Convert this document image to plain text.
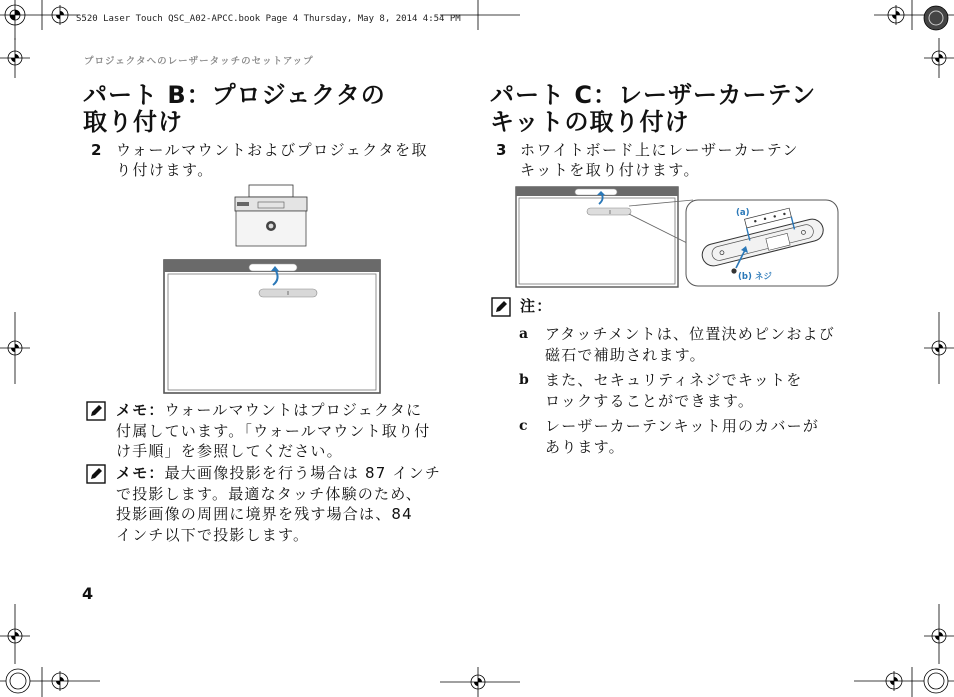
S520 Laser Touch QSC_A02-APCC.book Page 4 Thursday, May 8, 2014 4:54 PM
プロジェクタへのレーザータッチのセットアップ
パート B：プロジェクタの
取り付け
2 ウォールマウントおよびプロジェクタを取
り付けます。
メモ：ウォールマウントはプロジェクタに
付属しています。「ウォールマウント取り付
け手順」を参照してください。
メモ：最大画像投影を行う場合は 87 インチ
で投影します。最適なタッチ体験のため、
投影画像の周囲に境界を残す場合は、84
インチ以下で投影します。
パート C：レーザーカーテン
キットの取り付け
3 ホワイトボード上にレーザーカーテン
キットを取り付けます。
(a)
(b) ネジ
注：
a アタッチメントは、位置決めピンおよび
磁石で補助されます。
b また、セキュリティネジでキットを
ロックすることができます。
c レーザーカーテンキット用のカバーが
あります。
4
